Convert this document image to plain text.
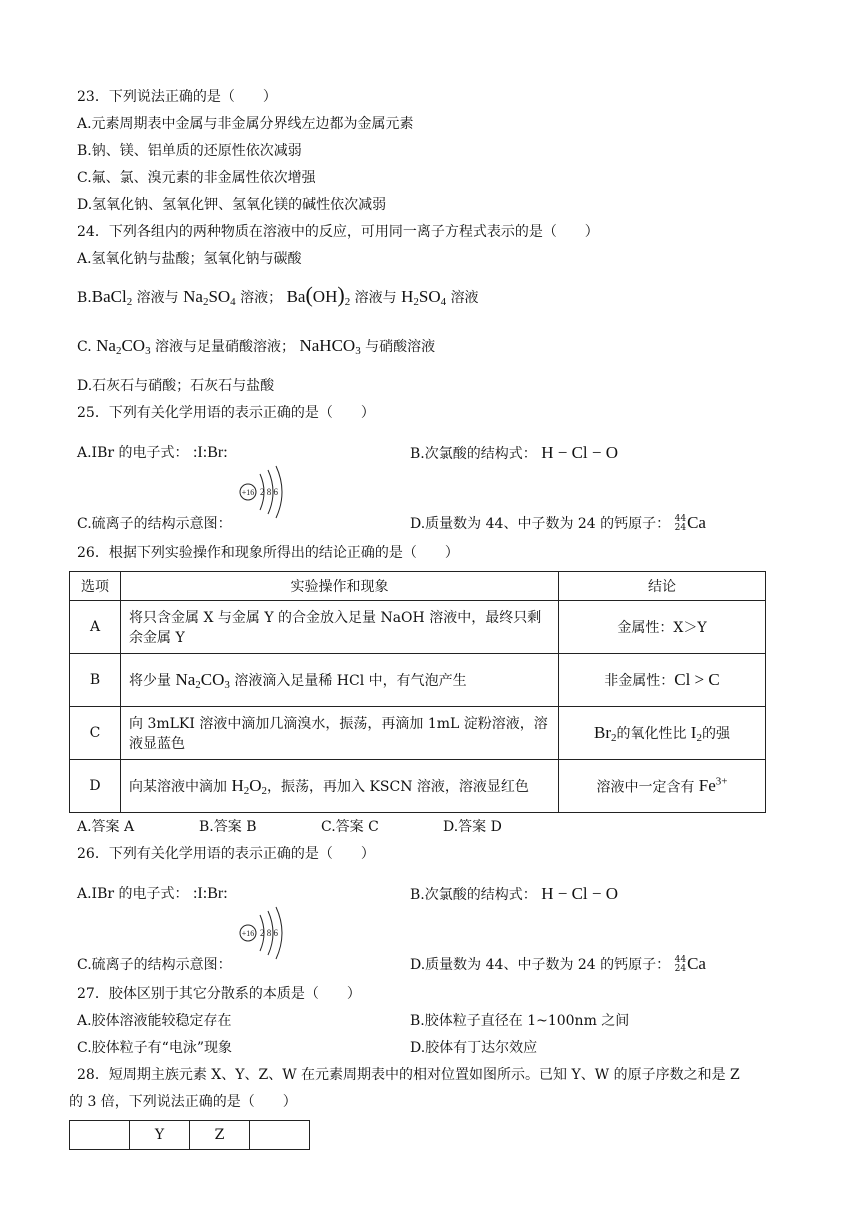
23．下列说法正确的是（　　）
A.元素周期表中金属与非金属分界线左边都为金属元素
B.钠、镁、铝单质的还原性依次减弱
C.氟、氯、溴元素的非金属性依次增强
D.氢氧化钠、氢氧化钾、氢氧化镁的碱性依次减弱
24．下列各组内的两种物质在溶液中的反应，可用同一离子方程式表示的是（　　）
A.氢氧化钠与盐酸；氢氧化钠与碳酸
B.BaCl$_2$ 溶液与 $Na_2SO_4$ 溶液； $Ba(OH)_2$ 溶液与 $H_2SO_4$ 溶液
C. $Na_2CO_3$ 溶液与足量硝酸溶液； NaHCO$_3$ 与硝酸溶液
D.石灰石与硝酸；石灰石与盐酸
25．下列有关化学用语的表示正确的是（　　）
A.IBr 的电子式： :I:Br:	B.次氯酸的结构式： H − Cl − O
C.硫离子的结构示意图：
+16 2 8 6
D.质量数为 44、中子数为 24 的钙原子： 44
24 Ca
26．根据下列实验操作和现象所得出的结论正确的是（　　）
选项	实验操作和现象	结论
A	将只含金属 X 与金属 Y 的合金放入足量 NaOH 溶液中，最终只剩余金属 Y	金属性：X＞Y
B	将少量 $Na_2CO_3$ 溶液滴入足量稀 HCl 中，有气泡产生	非金属性：Cl > C
C	向 3mLKI 溶液中滴加几滴溴水，振荡，再滴加 1mL 淀粉溶液，溶液显蓝色	$Br_2$的氧化性比 $I_2$的强
D	向某溶液中滴加 $H_2O_2$，振荡，再加入 KSCN 溶液，溶液显红色	溶液中一定含有 $Fe^{3+}$
A.答案 A	B.答案 B	C.答案 C	D.答案 D
26．下列有关化学用语的表示正确的是（　　）
A.IBr 的电子式： :I:Br:	B.次氯酸的结构式： H − Cl − O
C.硫离子的结构示意图：
+16 2 8 6
D.质量数为 44、中子数为 24 的钙原子： 44
24 Ca
27．胶体区别于其它分散系的本质是（　　）
A.胶体溶液能较稳定存在	B.胶体粒子直径在 1~100nm 之间
C.胶体粒子有“电泳”现象	D.胶体有丁达尔效应
28．短周期主族元素 X、Y、Z、W 在元素周期表中的相对位置如图所示。已知 Y、W 的原子序数之和是 Z
的 3 倍，下列说法正确的是（　　）
	Y	Z	
